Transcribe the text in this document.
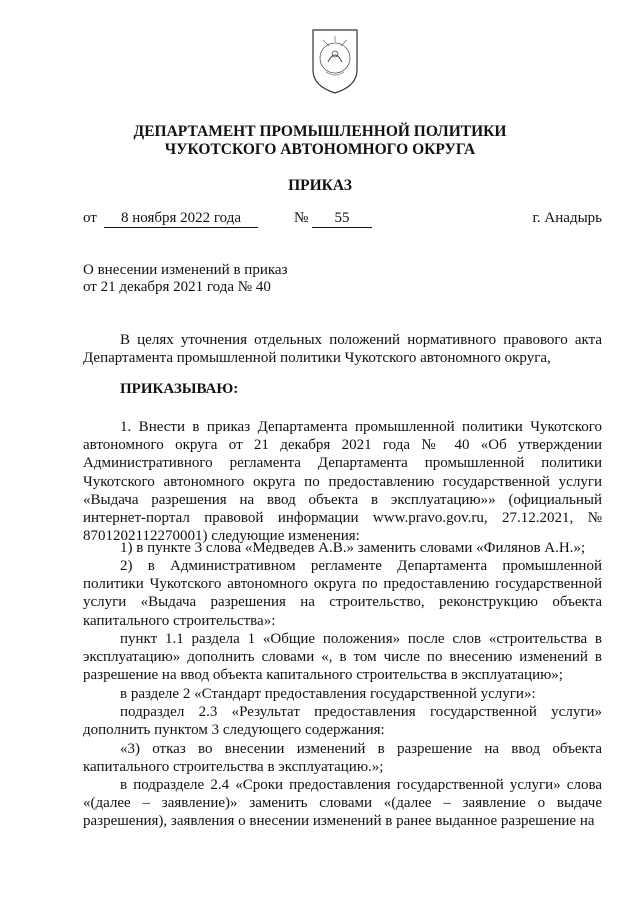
ДЕПАРТАМЕНТ ПРОМЫШЛЕННОЙ ПОЛИТИКИ
ЧУКОТСКОГО АВТОНОМНОГО ОКРУГА
ПРИКАЗ
от	8 ноября 2022 года	№	55	г. Анадырь
О внесении изменений в приказ
от 21 декабря 2021 года № 40
В целях уточнения отдельных положений нормативного правового акта Департамента промышленной политики Чукотского автономного округа,
ПРИКАЗЫВАЮ:
1. Внести в приказ Департамента промышленной политики Чукотского автономного округа от 21 декабря 2021 года № 40 «Об утверждении Административного регламента Департамента промышленной политики Чукотского автономного округа по предоставлению государственной услуги «Выдача разрешения на ввод объекта в эксплуатацию»» (официальный интернет-портал правовой информации www.pravo.gov.ru, 27.12.2021, № 8701202112270001) следующие изменения:
1) в пункте 3 слова «Медведев А.В.» заменить словами «Филянов А.Н.»;
2) в Административном регламенте Департамента промышленной политики Чукотского автономного округа по предоставлению государственной услуги «Выдача разрешения на строительство, реконструкцию объекта капитального строительства»:
пункт 1.1 раздела 1 «Общие положения» после слов «строительства в эксплуатацию» дополнить словами «, в том числе по внесению изменений в разрешение на ввод объекта капитального строительства в эксплуатацию»;
в разделе 2 «Стандарт предоставления государственной услуги»:
подраздел 2.3 «Результат предоставления государственной услуги» дополнить пунктом 3 следующего содержания:
«3) отказ во внесении изменений в разрешение на ввод объекта капитального строительства в эксплуатацию.»;
в подразделе 2.4 «Сроки предоставления государственной услуги» слова «(далее – заявление)» заменить словами «(далее – заявление о выдаче разрешения), заявления о внесении изменений в ранее выданное разрешение на
